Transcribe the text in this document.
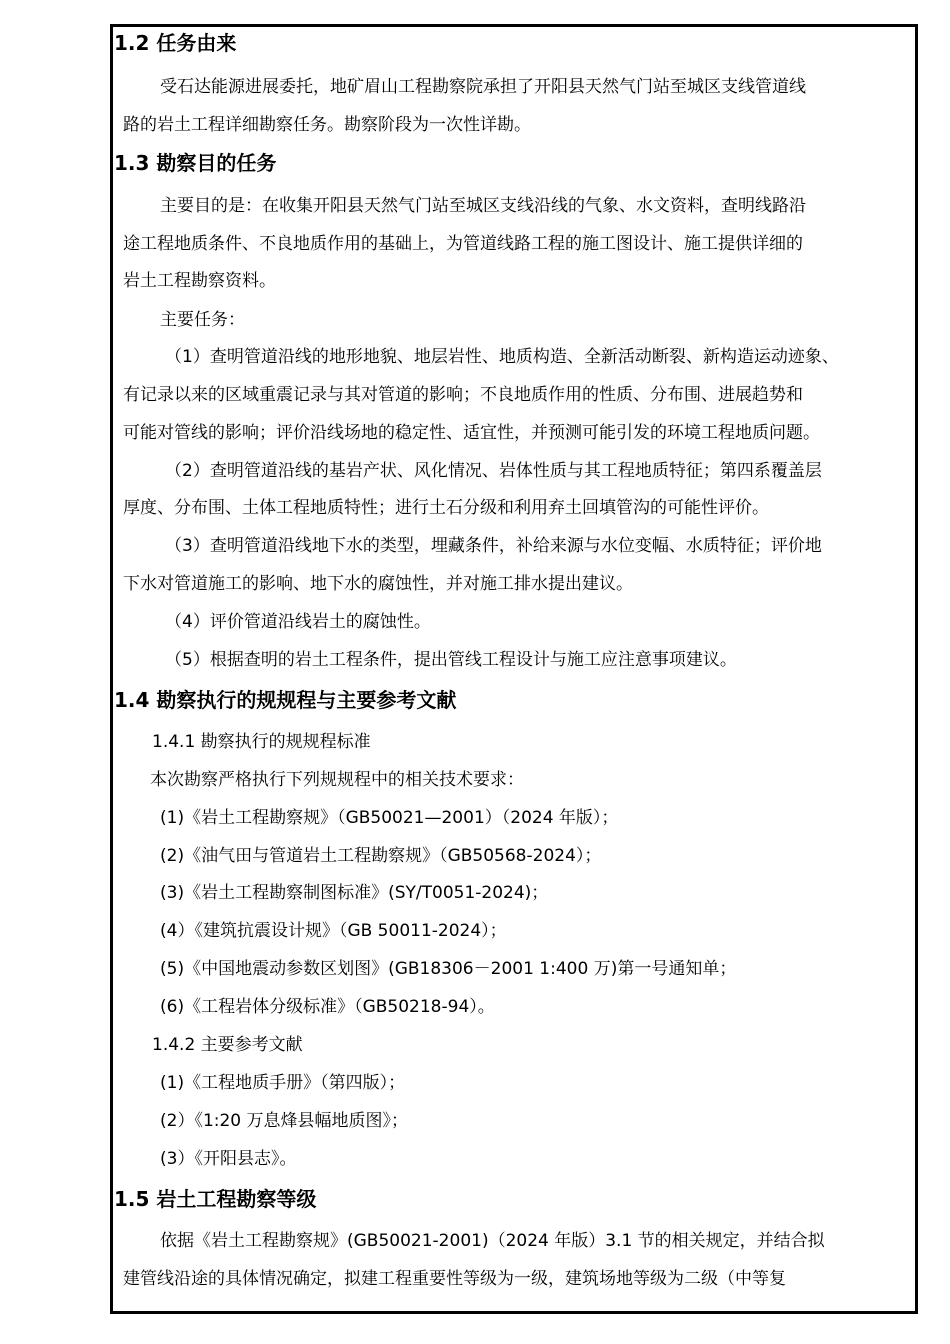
1.2 任务由来
受石达能源进展委托，地矿眉山工程勘察院承担了开阳县天然气门站至城区支线管道线
路的岩土工程详细勘察任务。勘察阶段为一次性详勘。
1.3 勘察目的任务
主要目的是：在收集开阳县天然气门站至城区支线沿线的气象、水文资料，查明线路沿
途工程地质条件、不良地质作用的基础上，为管道线路工程的施工图设计、施工提供详细的
岩土工程勘察资料。
主要任务：
（1）查明管道沿线的地形地貌、地层岩性、地质构造、全新活动断裂、新构造运动迹象、
有记录以来的区域重震记录与其对管道的影响；不良地质作用的性质、分布围、进展趋势和
可能对管线的影响；评价沿线场地的稳定性、适宜性，并预测可能引发的环境工程地质问题。
（2）查明管道沿线的基岩产状、风化情况、岩体性质与其工程地质特征；第四系覆盖层
厚度、分布围、土体工程地质特性；进行土石分级和利用弃土回填管沟的可能性评价。
（3）查明管道沿线地下水的类型，埋藏条件，补给来源与水位变幅、水质特征；评价地
下水对管道施工的影响、地下水的腐蚀性，并对施工排水提出建议。
（4）评价管道沿线岩土的腐蚀性。
（5）根据查明的岩土工程条件，提出管线工程设计与施工应注意事项建议。
1.4 勘察执行的规规程与主要参考文献
1.4.1 勘察执行的规规程标准
本次勘察严格执行下列规规程中的相关技术要求：
(1)《岩土工程勘察规》（GB50021—2001）（2024 年版）；
(2)《油气田与管道岩土工程勘察规》（GB50568-2024）；
(3)《岩土工程勘察制图标准》(SY/T0051-2024)；
(4）《建筑抗震设计规》（GB 50011-2024）；
(5)《中国地震动参数区划图》(GB18306－2001 1:400 万)第一号通知单；
(6)《工程岩体分级标准》（GB50218-94）。
1.4.2 主要参考文献
(1)《工程地质手册》（第四版）；
(2）《1:20 万息烽县幅地质图》；
(3）《开阳县志》。
1.5 岩土工程勘察等级
依据《岩土工程勘察规》(GB50021-2001)（2024 年版）3.1 节的相关规定，并结合拟
建管线沿途的具体情况确定，拟建工程重要性等级为一级，建筑场地等级为二级（中等复
